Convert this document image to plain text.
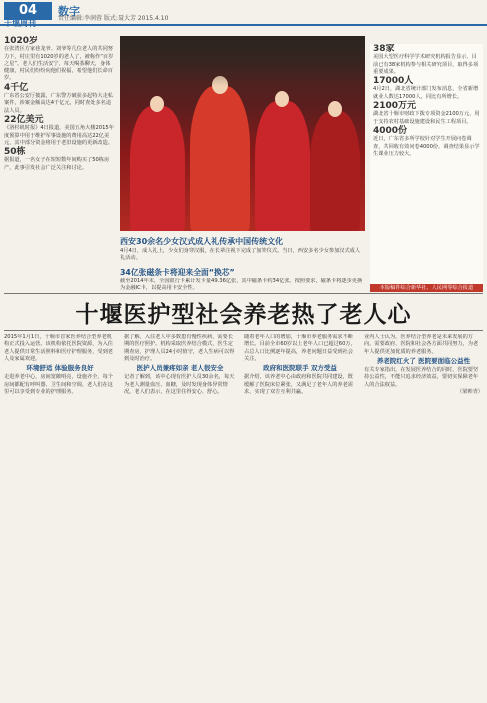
04
十堰周刊
数字
责任编辑:李润蓉 版式:聂大芳 2015.4.10
1020岁
在张湾区方家巷龙爷、刘爷等几位老人的共同努力下，村庄里有1020岁的老人了，被称作“百岁之星”。老人们生活安宁，每天喝茶聊天，身体健康，村民们纷纷向他们祝福，希望他们长命百岁。
4千亿
广东省公安厅披露，广东警方破获多起特大走私案件，涉案金额高达4千亿元，同时查处多名违法人员。
22亿美元
《洛杉矶时报》4日报道，美国五角大楼2015年度预算中用于维护军事设施的费用高达22亿美元，其中部分资金将用于老旧设施的更新改造。
50栋
据报道，一名女子在短短数年间购买了50栋房产，此事引发社会广泛关注和讨论。
西安30余名少女汉式成人礼传承中国传统文化
4月4日，成人礼上，少女们身穿汉服，在长辈注视下完成了加笄仪式。当日，西安多名少女参加汉式成人礼活动。
34亿张磁条卡将迎来全面“换芯”
截至2014年末，全国银行卡累计发卡量49.36亿张，其中磁条卡约34亿张。按照要求，磁条卡将逐步更换为金融IC卡，以提高用卡安全性。
38家
美国大型医疗科学学术研究机构报告显示，目前已有38家机构参与相关研究项目，取得多项重要成果。
17000人
4月2日，湖北省统计部门发布消息，全省新增就业人数达17000人，同比有所增长。
2100万元
湖北省十堰市财政下拨专项资金2100万元，用于支持农村基础设施建设和民生工程项目。
4000份
近日，广东省多所学校针对学生开展问卷调查，共回收有效问卷4000份，调查结果显示学生课业压力较大。
本版稿件综合新华社、人民网等综合报道
十堰医护型社会养老热了老人心
2015年1月1日，十堰市首家医养结合型养老机构正式投入运营。该机构依托医院资源，为入住老人提供日常生活照料和医疗护理服务，受到老人及家属欢迎。
环境舒适 体验服务良好
走进养老中心，房间宽敞明亮，设施齐全，每个房间都配有呼叫器、卫生间和空调。老人们在这里可以享受到专业的护理服务。
据了解，入住老人中多数患有慢性疾病，需要长期的医疗照护。机构采取医养结合模式，医生定期查房，护理人员24小时值守，老人生病可以得到及时治疗。
医护人员兼疼如亲 老人很安全
记者了解到，该中心现有医护人员30余名，每天为老人测量血压、血糖，及时发现身体异常情况。老人们表示，在这里住得安心、舒心。
随着老年人口的增加，十堰市养老服务需求不断增长。目前全市60岁以上老年人口已超过60万，占总人口比例逐年提高，养老问题日益受到社会关注。
政府和医院联手 双方受益
据介绍，该养老中心由政府和医院共同建设，既缓解了医院床位紧张，又满足了老年人的养老需求，实现了双方互利共赢。
业内人士认为，医养结合型养老是未来发展的方向，需要政府、医院和社会各方面共同努力，为老年人提供更加优质的养老服务。
养老院红火了 医院要面临公益性
有关专家指出，在发展医养结合的同时，医院要坚持公益性，不能只追求经济效益，要切实保障老年人的合法权益。
（梁帅青）
